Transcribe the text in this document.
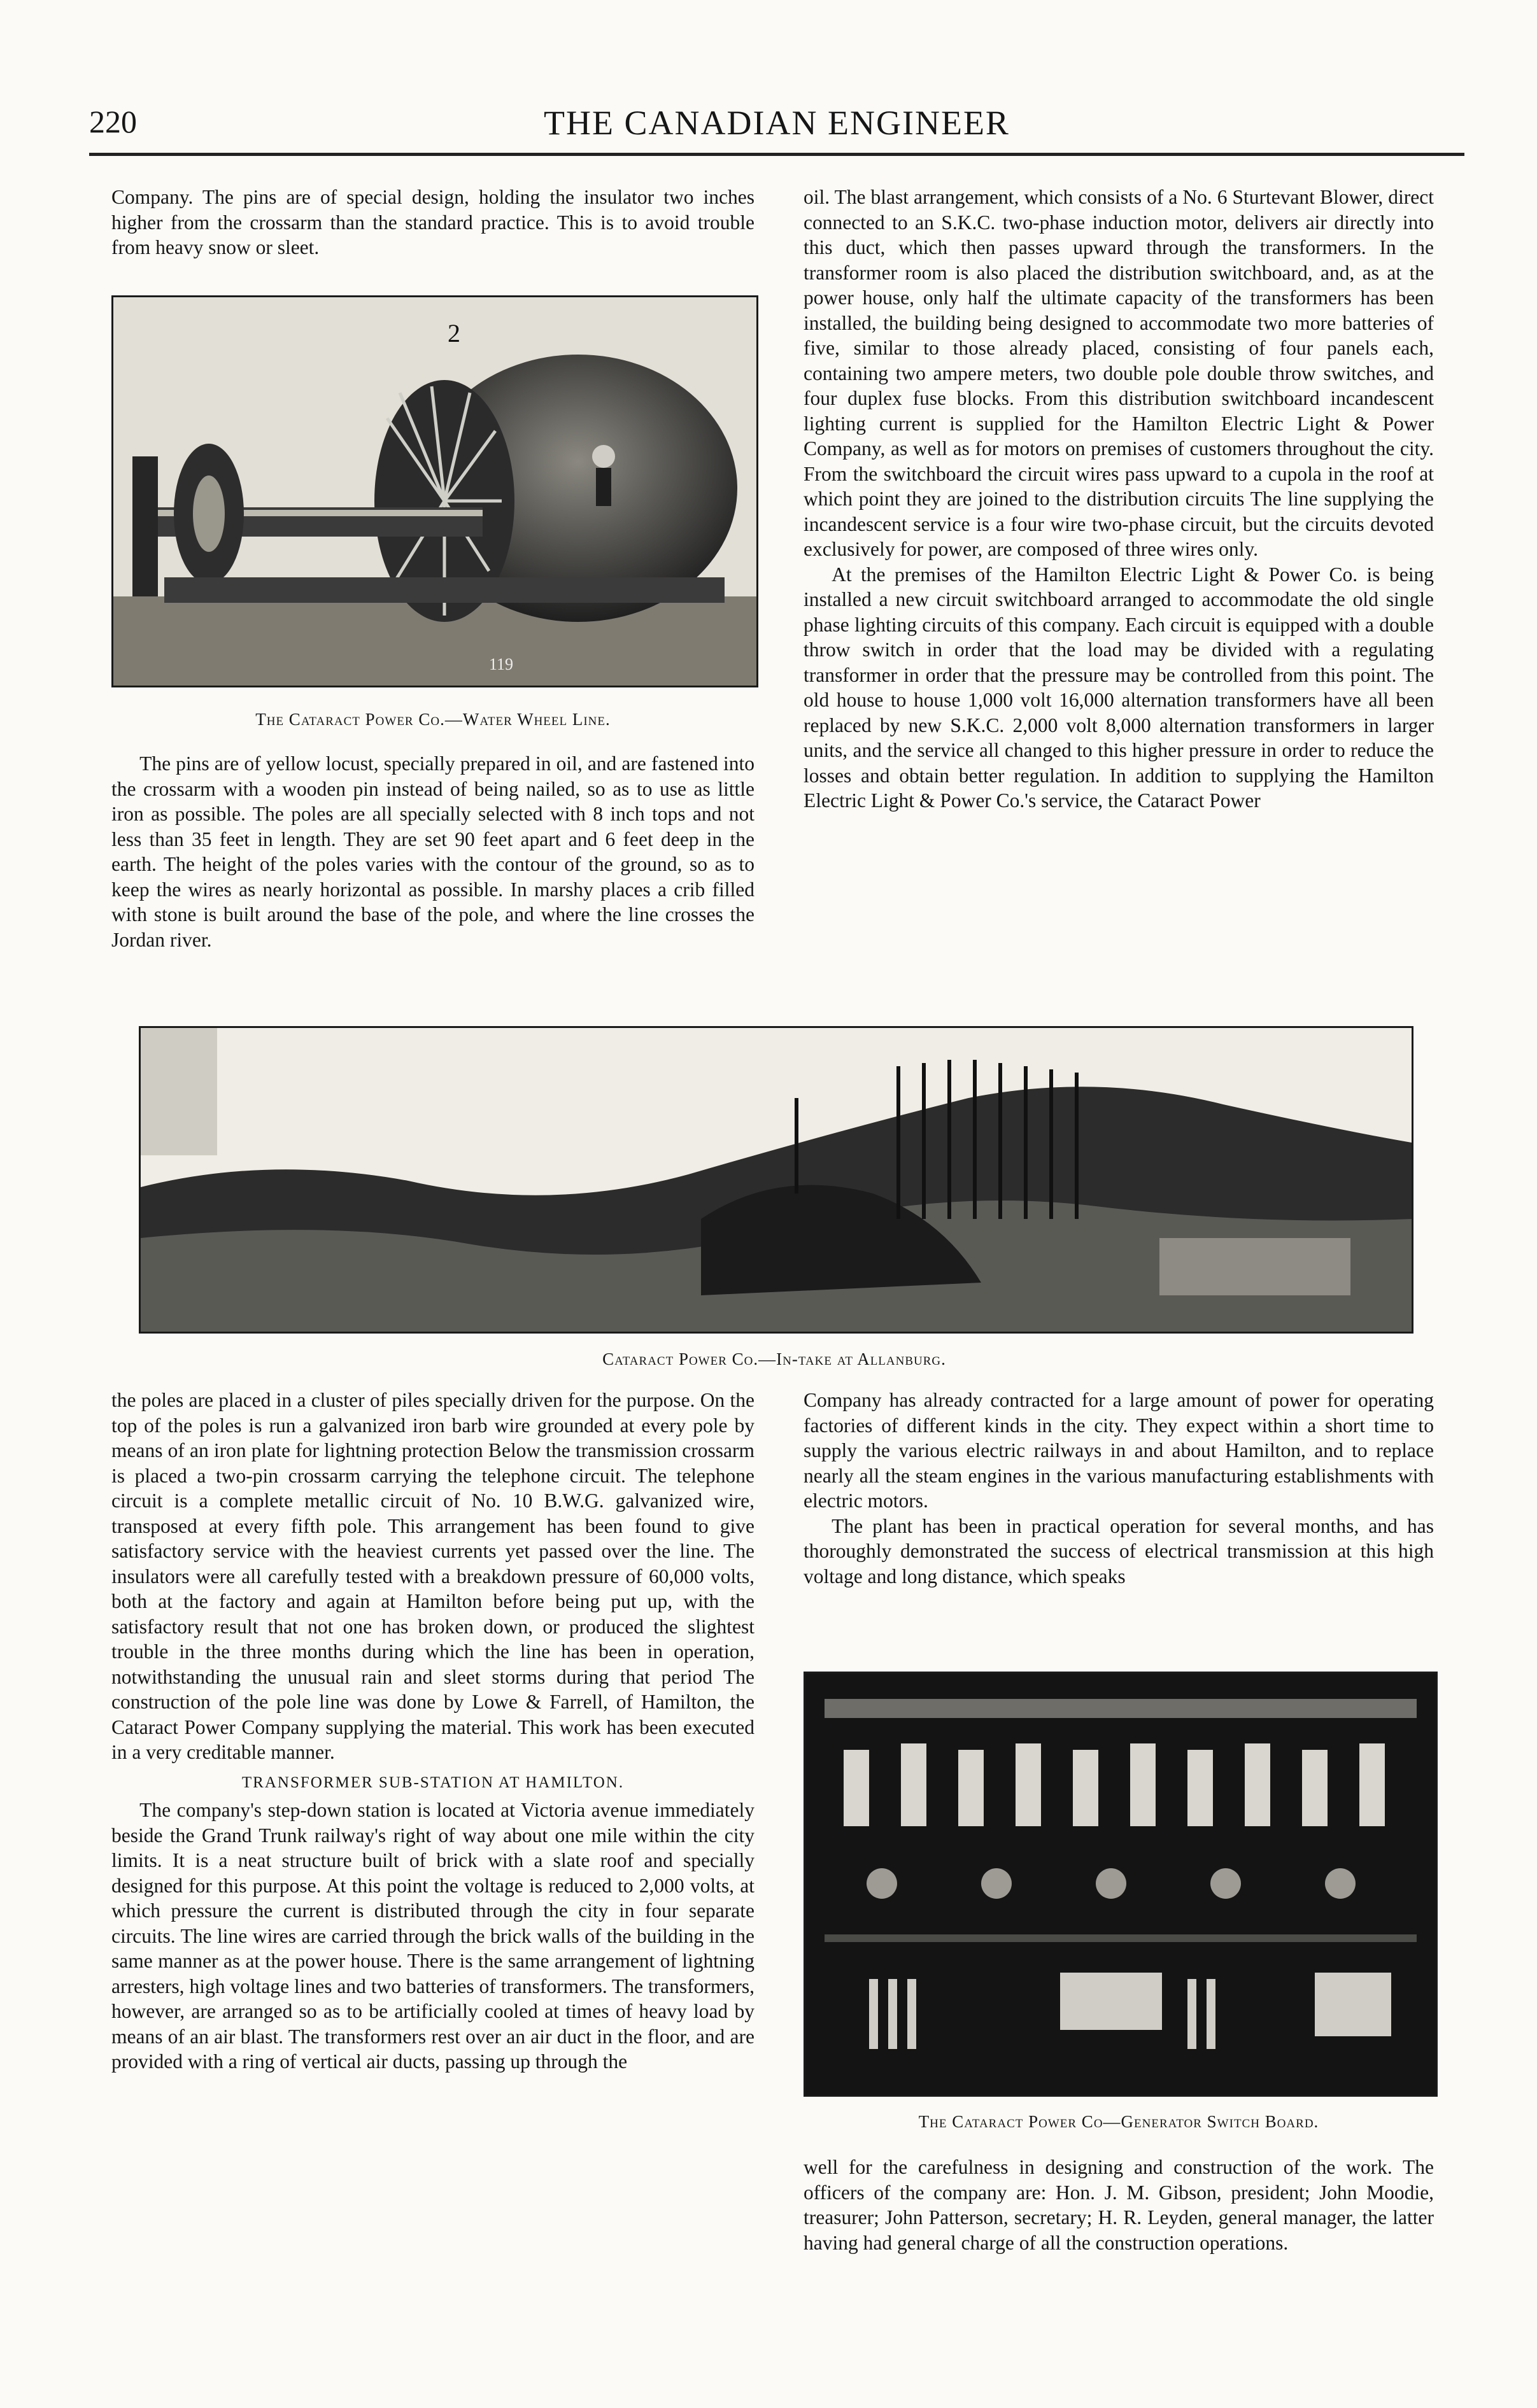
220	THE CANADIAN ENGINEER

Company. The pins are of special design, holding the insulator two inches higher from the crossarm than the standard practice. This is to avoid trouble from heavy snow or sleet.

2
119
The Cataract Power Co.—Water Wheel Line.

The pins are of yellow locust, specially prepared in oil, and are fastened into the crossarm with a wooden pin instead of being nailed, so as to use as little iron as possible. The poles are all specially selected with 8 inch tops and not less than 35 feet in length. They are set 90 feet apart and 6 feet deep in the earth. The height of the poles varies with the contour of the ground, so as to keep the wires as nearly horizontal as possible. In marshy places a crib filled with stone is built around the base of the pole, and where the line crosses the Jordan river.

oil. The blast arrangement, which consists of a No. 6 Sturtevant Blower, direct connected to an S.K.C. two-phase induction motor, delivers air directly into this duct, which then passes upward through the transformers. In the transformer room is also placed the distribution switchboard, and, as at the power house, only half the ultimate capacity of the transformers has been installed, the building being designed to accommodate two more batteries of five, similar to those already placed, consisting of four panels each, containing two ampere meters, two double pole double throw switches, and four duplex fuse blocks. From this distribution switchboard incandescent lighting current is supplied for the Hamilton Electric Light & Power Company, as well as for motors on premises of customers throughout the city. From the switchboard the circuit wires pass upward to a cupola in the roof at which point they are joined to the distribution circuits The line supplying the incandescent service is a four wire two-phase circuit, but the circuits devoted exclusively for power, are composed of three wires only.

At the premises of the Hamilton Electric Light & Power Co. is being installed a new circuit switchboard arranged to accommodate the old single phase lighting circuits of this company. Each circuit is equipped with a double throw switch in order that the load may be divided with a regulating transformer in order that the pressure may be controlled from this point. The old house to house 1,000 volt 16,000 alternation transformers have all been replaced by new S.K.C. 2,000 volt 8,000 alternation transformers in larger units, and the service all changed to this higher pressure in order to reduce the losses and obtain better regulation. In addition to supplying the Hamilton Electric Light & Power Co.'s service, the Cataract Power

Cataract Power Co.—In-take at Allanburg.

the poles are placed in a cluster of piles specially driven for the purpose. On the top of the poles is run a galvanized iron barb wire grounded at every pole by means of an iron plate for lightning protection Below the transmission crossarm is placed a two-pin crossarm carrying the telephone circuit. The telephone circuit is a complete metallic circuit of No. 10 B.W.G. galvanized wire, transposed at every fifth pole. This arrangement has been found to give satisfactory service with the heaviest currents yet passed over the line. The insulators were all carefully tested with a breakdown pressure of 60,000 volts, both at the factory and again at Hamilton before being put up, with the satisfactory result that not one has broken down, or produced the slightest trouble in the three months during which the line has been in operation, notwithstanding the unusual rain and sleet storms during that period The construction of the pole line was done by Lowe & Farrell, of Hamilton, the Cataract Power Company supplying the material. This work has been executed in a very creditable manner.

TRANSFORMER SUB-STATION AT HAMILTON.

The company's step-down station is located at Victoria avenue immediately beside the Grand Trunk railway's right of way about one mile within the city limits. It is a neat structure built of brick with a slate roof and specially designed for this purpose. At this point the voltage is reduced to 2,000 volts, at which pressure the current is distributed through the city in four separate circuits. The line wires are carried through the brick walls of the building in the same manner as at the power house. There is the same arrangement of lightning arresters, high voltage lines and two batteries of transformers. The transformers, however, are arranged so as to be artificially cooled at times of heavy load by means of an air blast. The transformers rest over an air duct in the floor, and are provided with a ring of vertical air ducts, passing up through the

Company has already contracted for a large amount of power for operating factories of different kinds in the city. They expect within a short time to supply the various electric railways in and about Hamilton, and to replace nearly all the steam engines in the various manufacturing establishments with electric motors.

The plant has been in practical operation for several months, and has thoroughly demonstrated the success of electrical transmission at this high voltage and long distance, which speaks

The Cataract Power Co—Generator Switch Board.

well for the carefulness in designing and construction of the work. The officers of the company are: Hon. J. M. Gibson, president; John Moodie, treasurer; John Patterson, secretary; H. R. Leyden, general manager, the latter having had general charge of all the construction operations.
